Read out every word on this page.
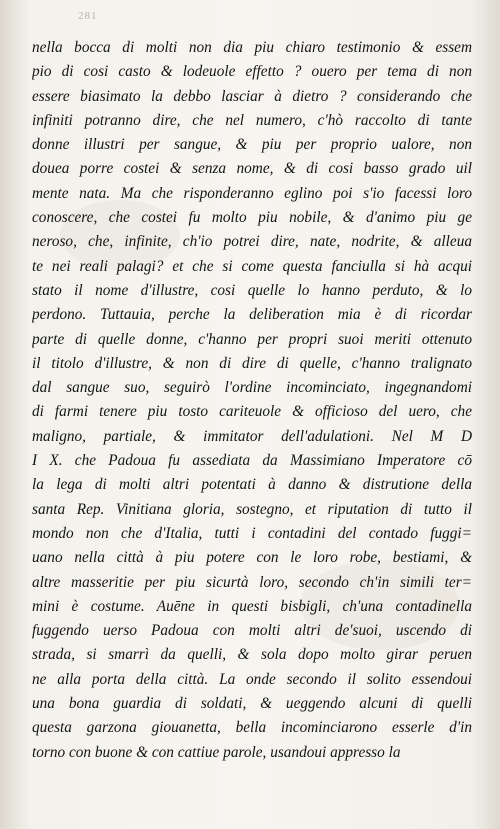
281
nella bocca di molti non dia piu chiaro testimonio & essem
pio di cosi casto & lodeuole effetto ? ouero per tema di non
essere biasimato la debbo lasciar à dietro ? considerando che
infiniti potranno dire, che nel numero, c'hò raccolto di tante
donne illustri per sangue, & piu per proprio ualore, non
douea porre costei & senza nome, & di cosi basso grado uil
mente nata. Ma che risponderanno eglino poi s'io facessi loro
conoscere, che costei fu molto piu nobile, & d'animo piu ge
neroso, che, infinite, ch'io potrei dire, nate, nodrite, & alleua
te nei reali palagi? et che si come questa fanciulla si hà acqui
stato il nome d'illustre, cosi quelle lo hanno perduto, & lo
perdono. Tuttauia, perche la deliberation mia è di ricordar
parte di quelle donne, c'hanno per propri suoi meriti ottenuto
il titolo d'illustre, & non di dire di quelle, c'hanno tralignato
dal sangue suo, seguirò l'ordine incominciato, ingegnandomi
di farmi tenere piu tosto cariteuole & officioso del uero, che
maligno, partiale, & immitator dell'adulationi. Nel M D
I X. che Padoua fu assediata da Massimiano Imperatore cō
la lega di molti altri potentati à danno & distrutione della
santa Rep. Vinitiana gloria, sostegno, et riputation di tutto il
mondo non che d'Italia, tutti i contadini del contado fuggi=
uano nella città à piu potere con le loro robe, bestiami, &
altre masseritie per piu sicurtà loro, secondo ch'in simili ter=
mini è costume. Auēne in questi bisbigli, ch'una contadinella
fuggendo uerso Padoua con molti altri de'suoi, uscendo di
strada, si smarrì da quelli, & sola dopo molto girar peruen
ne alla porta della città. La onde secondo il solito essendoui
una bona guardia di soldati, & ueggendo alcuni di quelli
questa garzona giouanetta, bella incominciarono esserle d'in
torno con buone & con cattiue parole, usandoui appresso la
